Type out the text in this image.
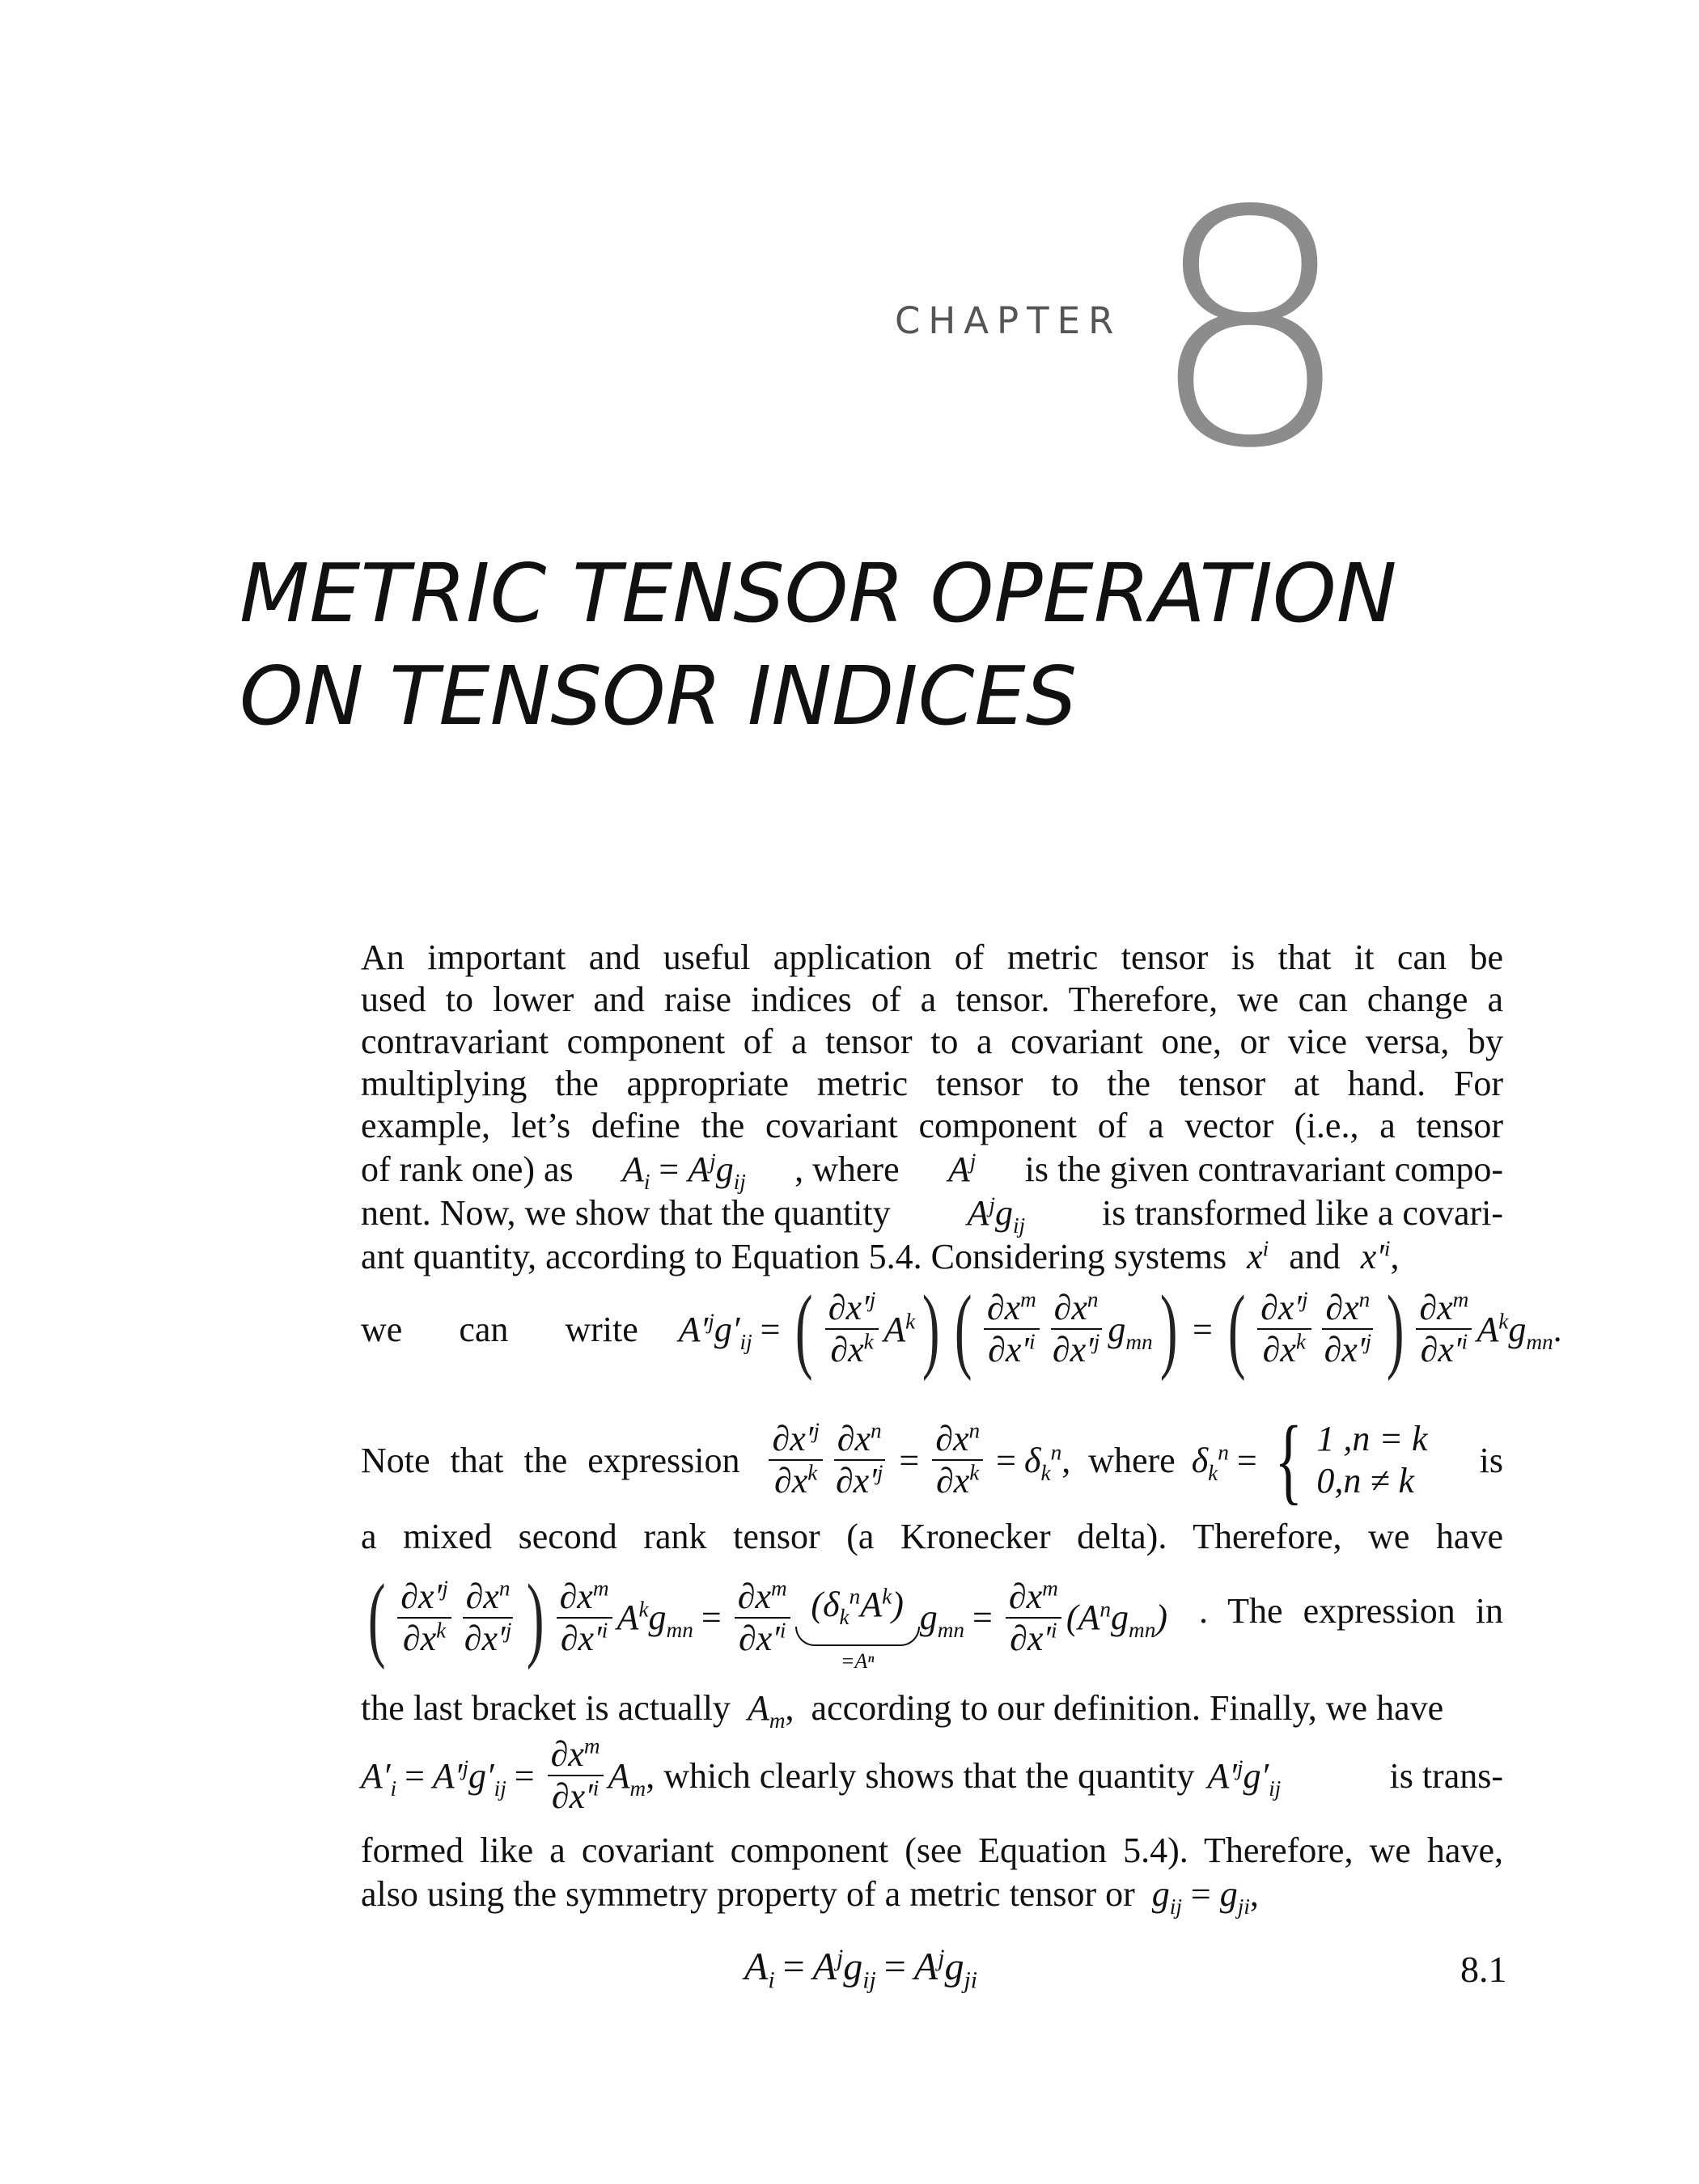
CHAPTER 8
METRIC TENSOR OPERATION
ON TENSOR INDICES
An important and useful application of metric tensor is that it can be
used to lower and raise indices of a tensor. Therefore, we can change a
contravariant component of a tensor to a covariant one, or vice versa, by
multiplying the appropriate metric tensor to the tensor at hand. For
example, let’s define the covariant component of a vector (i.e., a tensor
of rank one) as $A_i = A^jg_{ij}$ , where $A^j$ is the given contravariant compo-
nent. Now, we show that the quantity $A^jg_{ij}$ is transformed like a covari-
ant quantity, according to Equation 5.4. Considering systems $x^i$ and $x'^i$,
we can write $A'^jg'_{ij}$ = ( $\frac{\partial x'^j}{\partial x^k} A^k$ ) ( $\frac{\partial x^m}{\partial x'^i} \frac{\partial x^n}{\partial x'^j} g_{mn}$ ) = ( $\frac{\partial x'^j}{\partial x^k} \frac{\partial x^n}{\partial x'^j}$ ) $\frac{\partial x^m}{\partial x'^i} A^kg_{mn}$ .
Note that the expression $\frac{\partial x'^j}{\partial x^k} \frac{\partial x^n}{\partial x'^j} = \frac{\partial x^n}{\partial x^k} = \delta_k^n$ , where $\delta_k^n$ = { 1 ,n = k
0,n ≠ k
is
a mixed second rank tensor (a Kronecker delta). Therefore, we have
( $\frac{\partial x'^j}{\partial x^k} \frac{\partial x^n}{\partial x'^j}$ ) $\frac{\partial x^m}{\partial x'^i} A^kg_{mn} = \frac{\partial x^m}{\partial x'^i} (\delta_k^nA^k)$
=Aⁿ
$g_{mn} = \frac{\partial x^m}{\partial x'^i} (A^ng_{mn})$ . The expression in
the last bracket is actually $A_m$, according to our definition. Finally, we have
$A'_i = A'^jg'_{ij} = \frac{\partial x^m}{\partial x'^i} A_m$ , which clearly shows that the quantity $A'^jg'_{ij}$	is trans-
formed like a covariant component (see Equation 5.4). Therefore, we have,
also using the symmetry property of a metric tensor or $g_{ij} = g_{ji}$,
$A_i = A^jg_{ij} = A^jg_{ji}$	8.1
